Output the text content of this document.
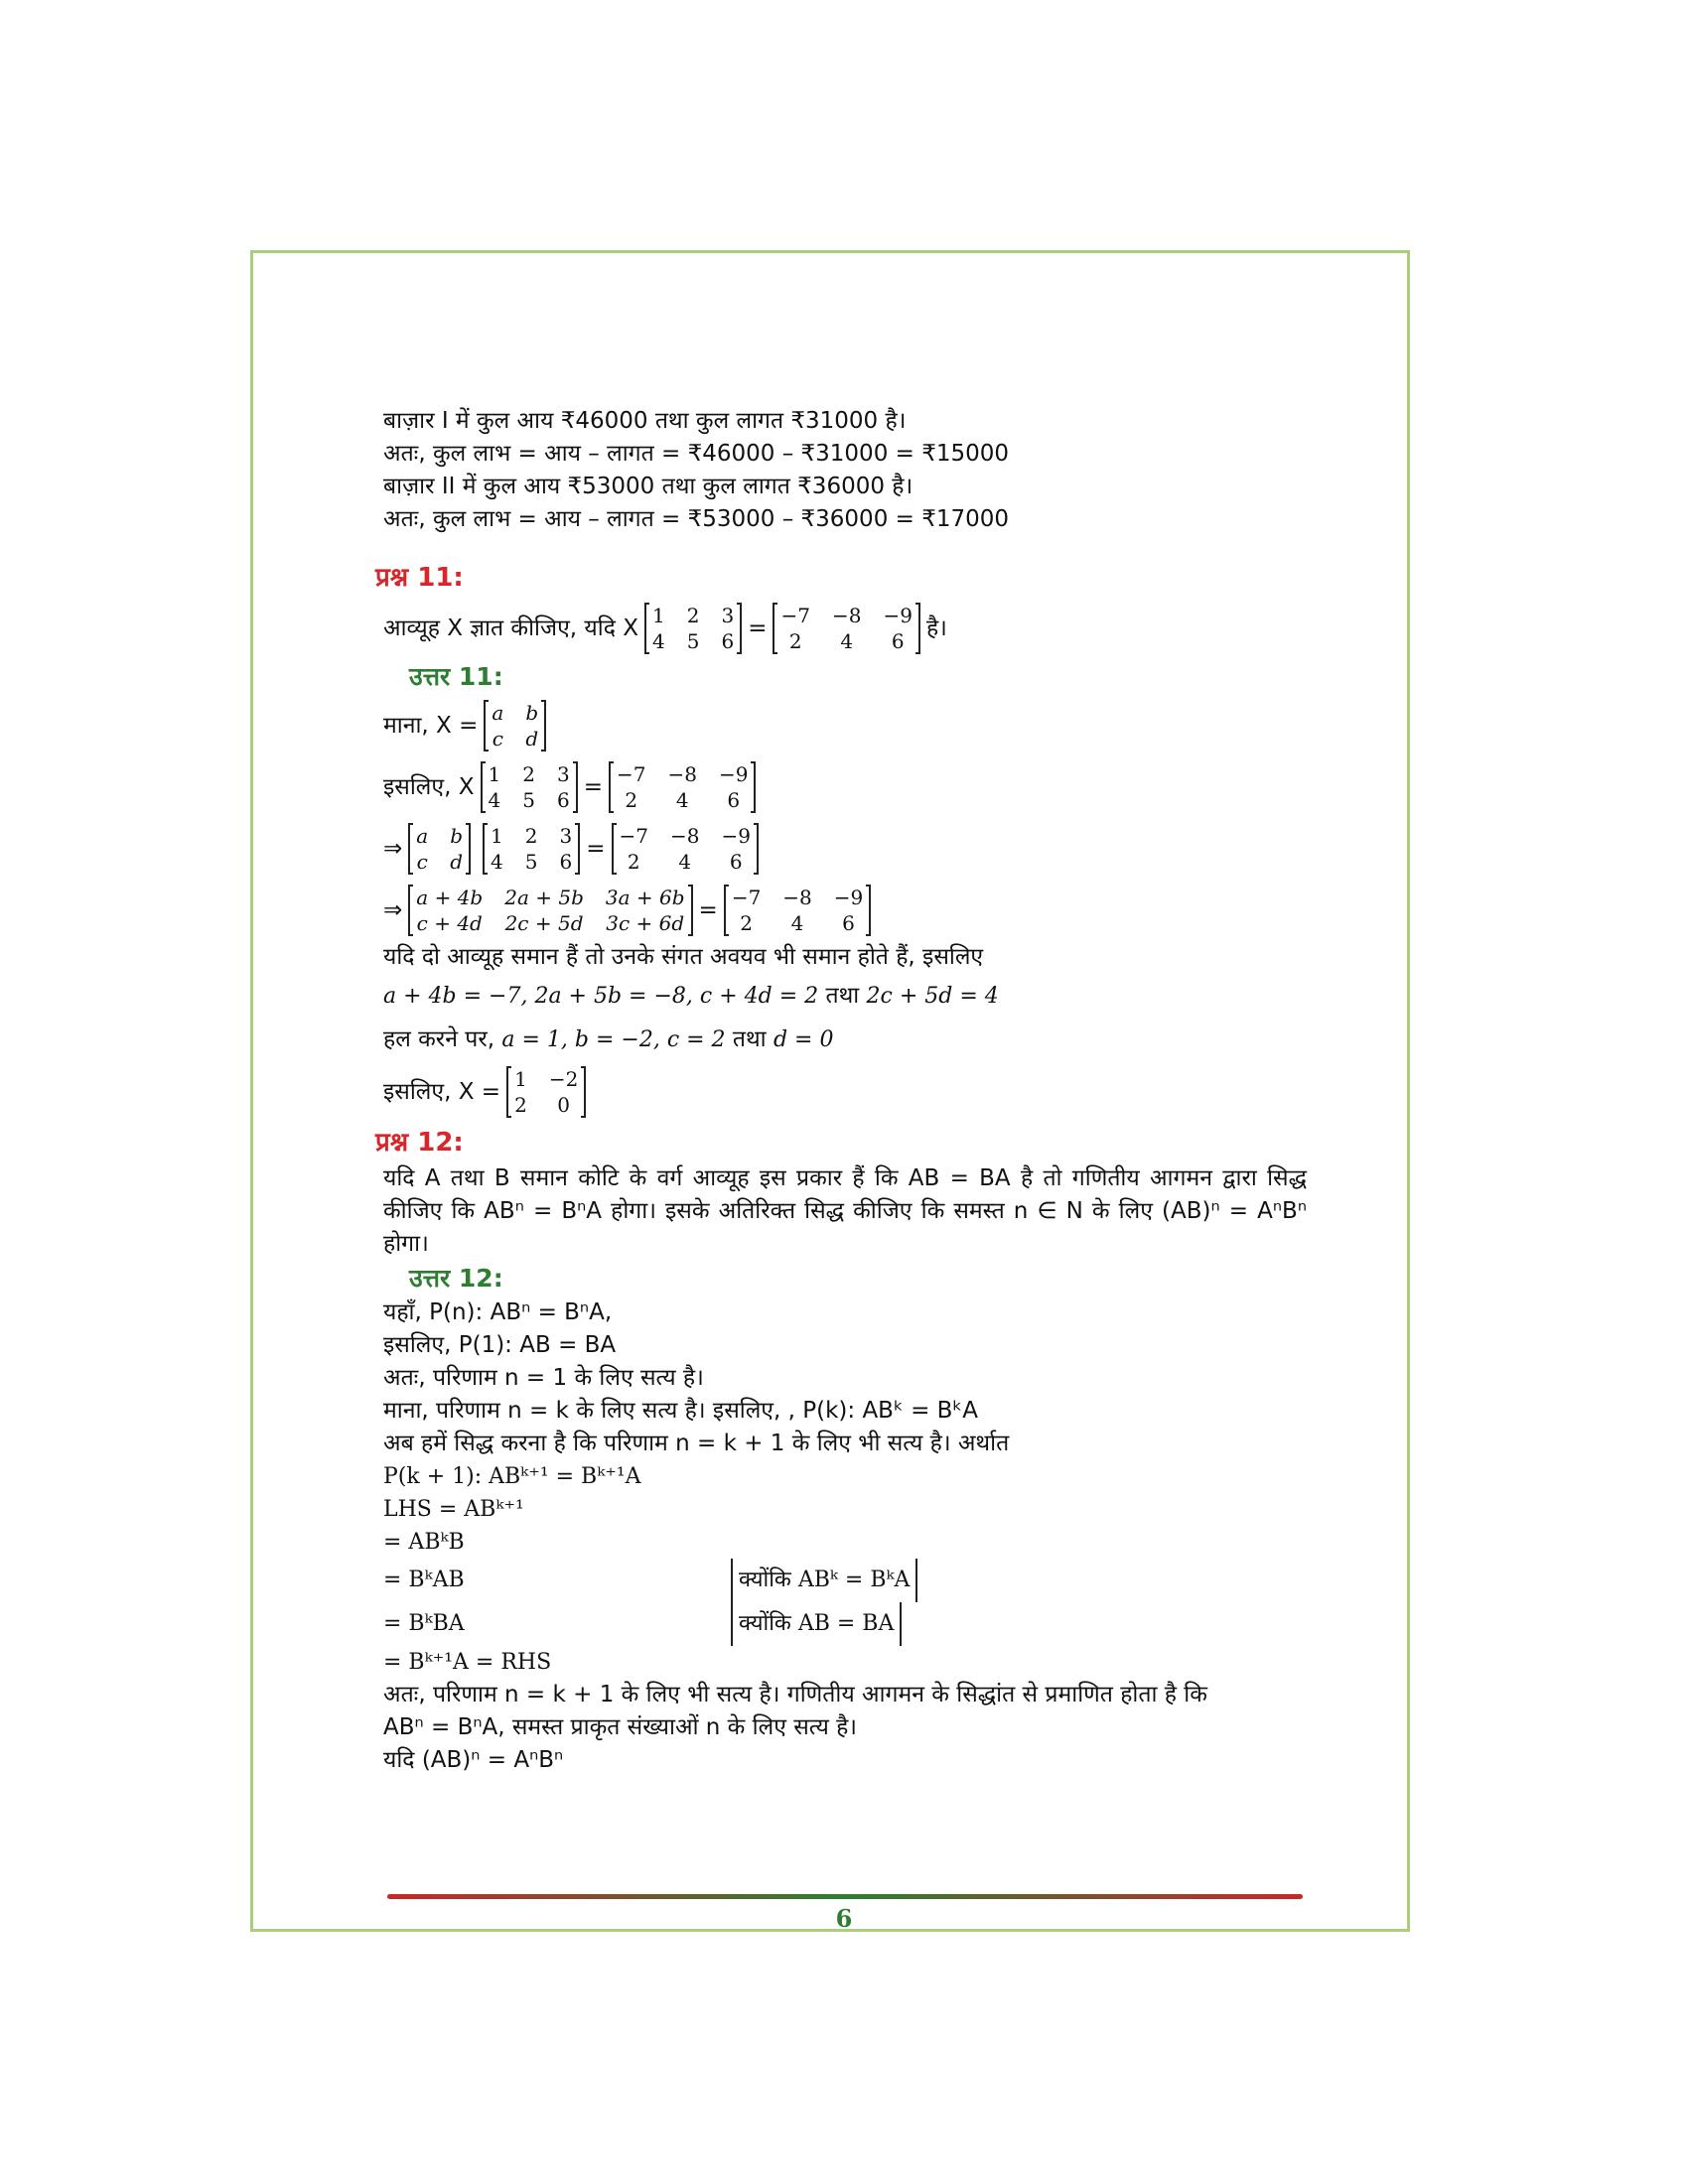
बाज़ार I में कुल आय ₹46000 तथा कुल लागत ₹31000 है।
अतः, कुल लाभ = आय – लागत = ₹46000 – ₹31000 = ₹15000
बाज़ार II में कुल आय ₹53000 तथा कुल लागत ₹36000 है।
अतः, कुल लाभ = आय – लागत = ₹53000 – ₹36000 = ₹17000
प्रश्न 11:
आव्यूह X ज्ञात कीजिए, यदि X 1 2 3
4 5 6
= −7 −8 −9
2	4	6
है।
उत्तर 11:
माना, X = a b
c d
इसलिए, X 1 2 3
4 5 6
= −7 −8 −9
2	4	6
⇒ a b
c d
1 2 3
4 5 6
= −7 −8 −9
2	4	6
⇒ a + 4b 2a + 5b 3a + 6b
c + 4d 2c + 5d 3c + 6d
= −7 −8 −9
2	4	6
यदि दो आव्यूह समान हैं तो उनके संगत अवयव भी समान होते हैं, इसलिए
a + 4b = −7, 2a + 5b = −8, c + 4d = 2 तथा 2c + 5d = 4
हल करने पर, a = 1, b = −2, c = 2 तथा d = 0
इसलिए, X = 1 −2
2	0
प्रश्न 12:
यदि A तथा B समान कोटि के वर्ग आव्यूह इस प्रकार हैं कि AB = BA है तो गणितीय आगमन द्वारा सिद्ध कीजिए कि ABⁿ = BⁿA होगा। इसके अतिरिक्त सिद्ध कीजिए कि समस्त n ∈ N के लिए (AB)ⁿ = AⁿBⁿ होगा।
उत्तर 12:
यहाँ, P(n): ABⁿ = BⁿA,
इसलिए, P(1): AB = BA
अतः, परिणाम n = 1 के लिए सत्य है।
माना, परिणाम n = k के लिए सत्य है। इसलिए, , P(k): ABᵏ = BᵏA
अब हमें सिद्ध करना है कि परिणाम n = k + 1 के लिए भी सत्य है। अर्थात
P(k + 1): ABᵏ⁺¹ = Bᵏ⁺¹A
LHS = ABᵏ⁺¹
= ABᵏB
= BᵏAB	क्योंकि ABᵏ = BᵏA
= BᵏBA	क्योंकि AB = BA
= Bᵏ⁺¹A = RHS
अतः, परिणाम n = k + 1 के लिए भी सत्य है। गणितीय आगमन के सिद्धांत से प्रमाणित होता है कि
ABⁿ = BⁿA, समस्त प्राकृत संख्याओं n के लिए सत्य है।
यदि (AB)ⁿ = AⁿBⁿ
6
